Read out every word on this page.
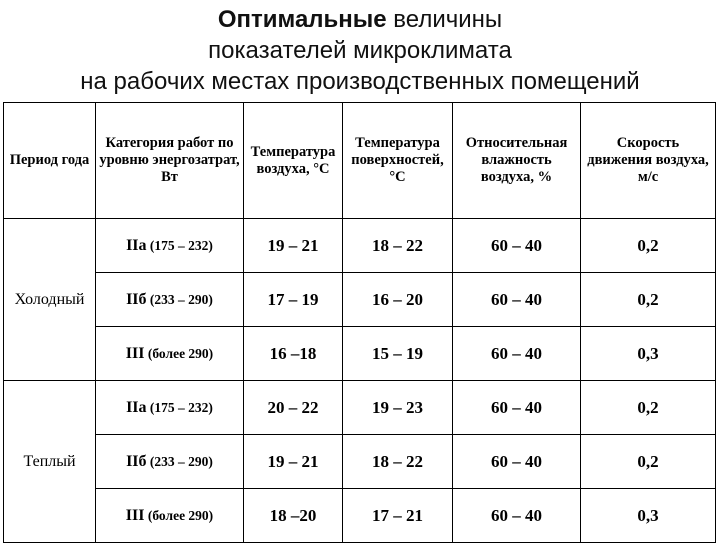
Оптимальные величины
показателей микроклимата
на рабочих местах производственных помещений
Период года	Категория работ по уровню энергозатрат, Вт	Температура воздуха, °С	Температура поверхностей, °С	Относительная влажность воздуха, %	Скорость движения воздуха, м/с
Холодный	IIа (175 – 232)	19 – 21	18 – 22	60 – 40	0,2
	IIб (233 – 290)	17 – 19	16 – 20	60 – 40	0,2
	III (более 290)	16 –18	15 – 19	60 – 40	0,3
Теплый	IIа (175 – 232)	20 – 22	19 – 23	60 – 40	0,2
	IIб (233 – 290)	19 – 21	18 – 22	60 – 40	0,2
	III (более 290)	18 –20	17 – 21	60 – 40	0,3
